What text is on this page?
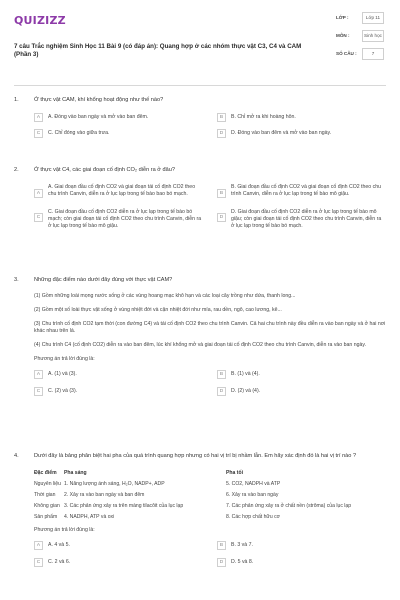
QUIZIZZ
7 câu Trắc nghiệm Sinh Học 11 Bài 9 (có đáp án): Quang hợp ở các nhóm thực vật C3, C4 và CAM (Phần 3)
LỚP :	Lớp 11
MÔN :	Sinh học
SỐ CÂU :	7
1.	Ở thực vật CAM, khí khổng hoạt động như thế nào?
A	A. Đóng vào ban ngày và mở vào ban đêm.	B	B. Chỉ mở ra khi hoàng hôn.
C	C. Chỉ đóng vào giữa trưa.	D	D. Đóng vào ban đêm và mở vào ban ngày.
2.	Ở thực vật C4, các giai đoạn cố định CO₂ diễn ra ở đâu?
A
A. Giai đoạn đầu cố định CO2 và giai đoạn tái cố định CO2 theo chu trình Canvin, diễn ra ở lục lạp trong tế bào bao bó mạch.	B
B. Giai đoạn đầu cố định CO2 và giai đoạn cố định CO2 theo chu trình Canvin, diễn ra ở lục lạp trong tế bào mô giậu.
C
C. Giai đoạn đầu cố định CO2 diễn ra ở lục lạp trong tế bào bó mạch; còn giai đoạn tái cố định CO2 theo chu trình Canvin, diễn ra ở lục lạp trong tế bào mô giậu.
D
D. Giai đoạn đầu cố định CO2 diễn ra ở lục lạp trong tế bào mô giậu; còn giai đoạn tái cố định CO2 theo chu trình Canvin, diễn ra ở lục lạp trong tế bào bó mạch.
3.	Những đặc điểm nào dưới đây đúng với thực vật CAM?
(1) Gồm những loài mọng nước sống ở các vùng hoang mạc khô hạn và các loại cây trồng như dứa, thanh long...
(2) Gồm một số loài thực vật sống ở vùng nhiệt đới và cận nhiệt đới như mía, rau dền, ngô, cao lương, kê...
(3) Chu trình cố định CO2 tạm thời (con đường C4) và tái cố định CO2 theo chu trình Canvin. Cả hai chu trình này đều diễn ra vào ban ngày và ở hai nơi khác nhau trên lá.
(4) Chu trình C4 (cố định CO2) diễn ra vào ban đêm, lúc khí khổng mở và giai đoạn tái cố định CO2 theo chu trình Canvin, diễn ra vào ban ngày.
Phương án trả lời đúng là:
A	A. (1) và (3).	B	B. (1) và (4).
C	C. (2) và (3).	D	D. (2) và (4).
4.	Dưới đây là bảng phân biệt hai pha của quá trình quang hợp nhưng có hai vị trí bị nhầm lẫn. Em hãy xác định đó là hai vị trí nào ?
Đặc điểm	Pha sáng	Pha tối
Nguyên liệu	1. Năng lượng ánh sáng, H₂O, NADP+, ADP	5. CO2, NADPH và ATP
Thời gian	2. Xảy ra vào ban ngày và ban đêm	6. Xảy ra vào ban ngày
Không gian	3. Các phản ứng xảy ra trên màng tilacôit của lục lạp	7. Các phản ứng xảy ra ở chất nền (strôma) của lục lạp
Sản phẩm	4. NADPH, ATP và oxi	8. Các hợp chất hữu cơ
Phương án trả lời đúng là:
A	A. 4 và 5.	B	B. 3 và 7.
C	C. 2 và 6.	D	D. 5 và 8.
